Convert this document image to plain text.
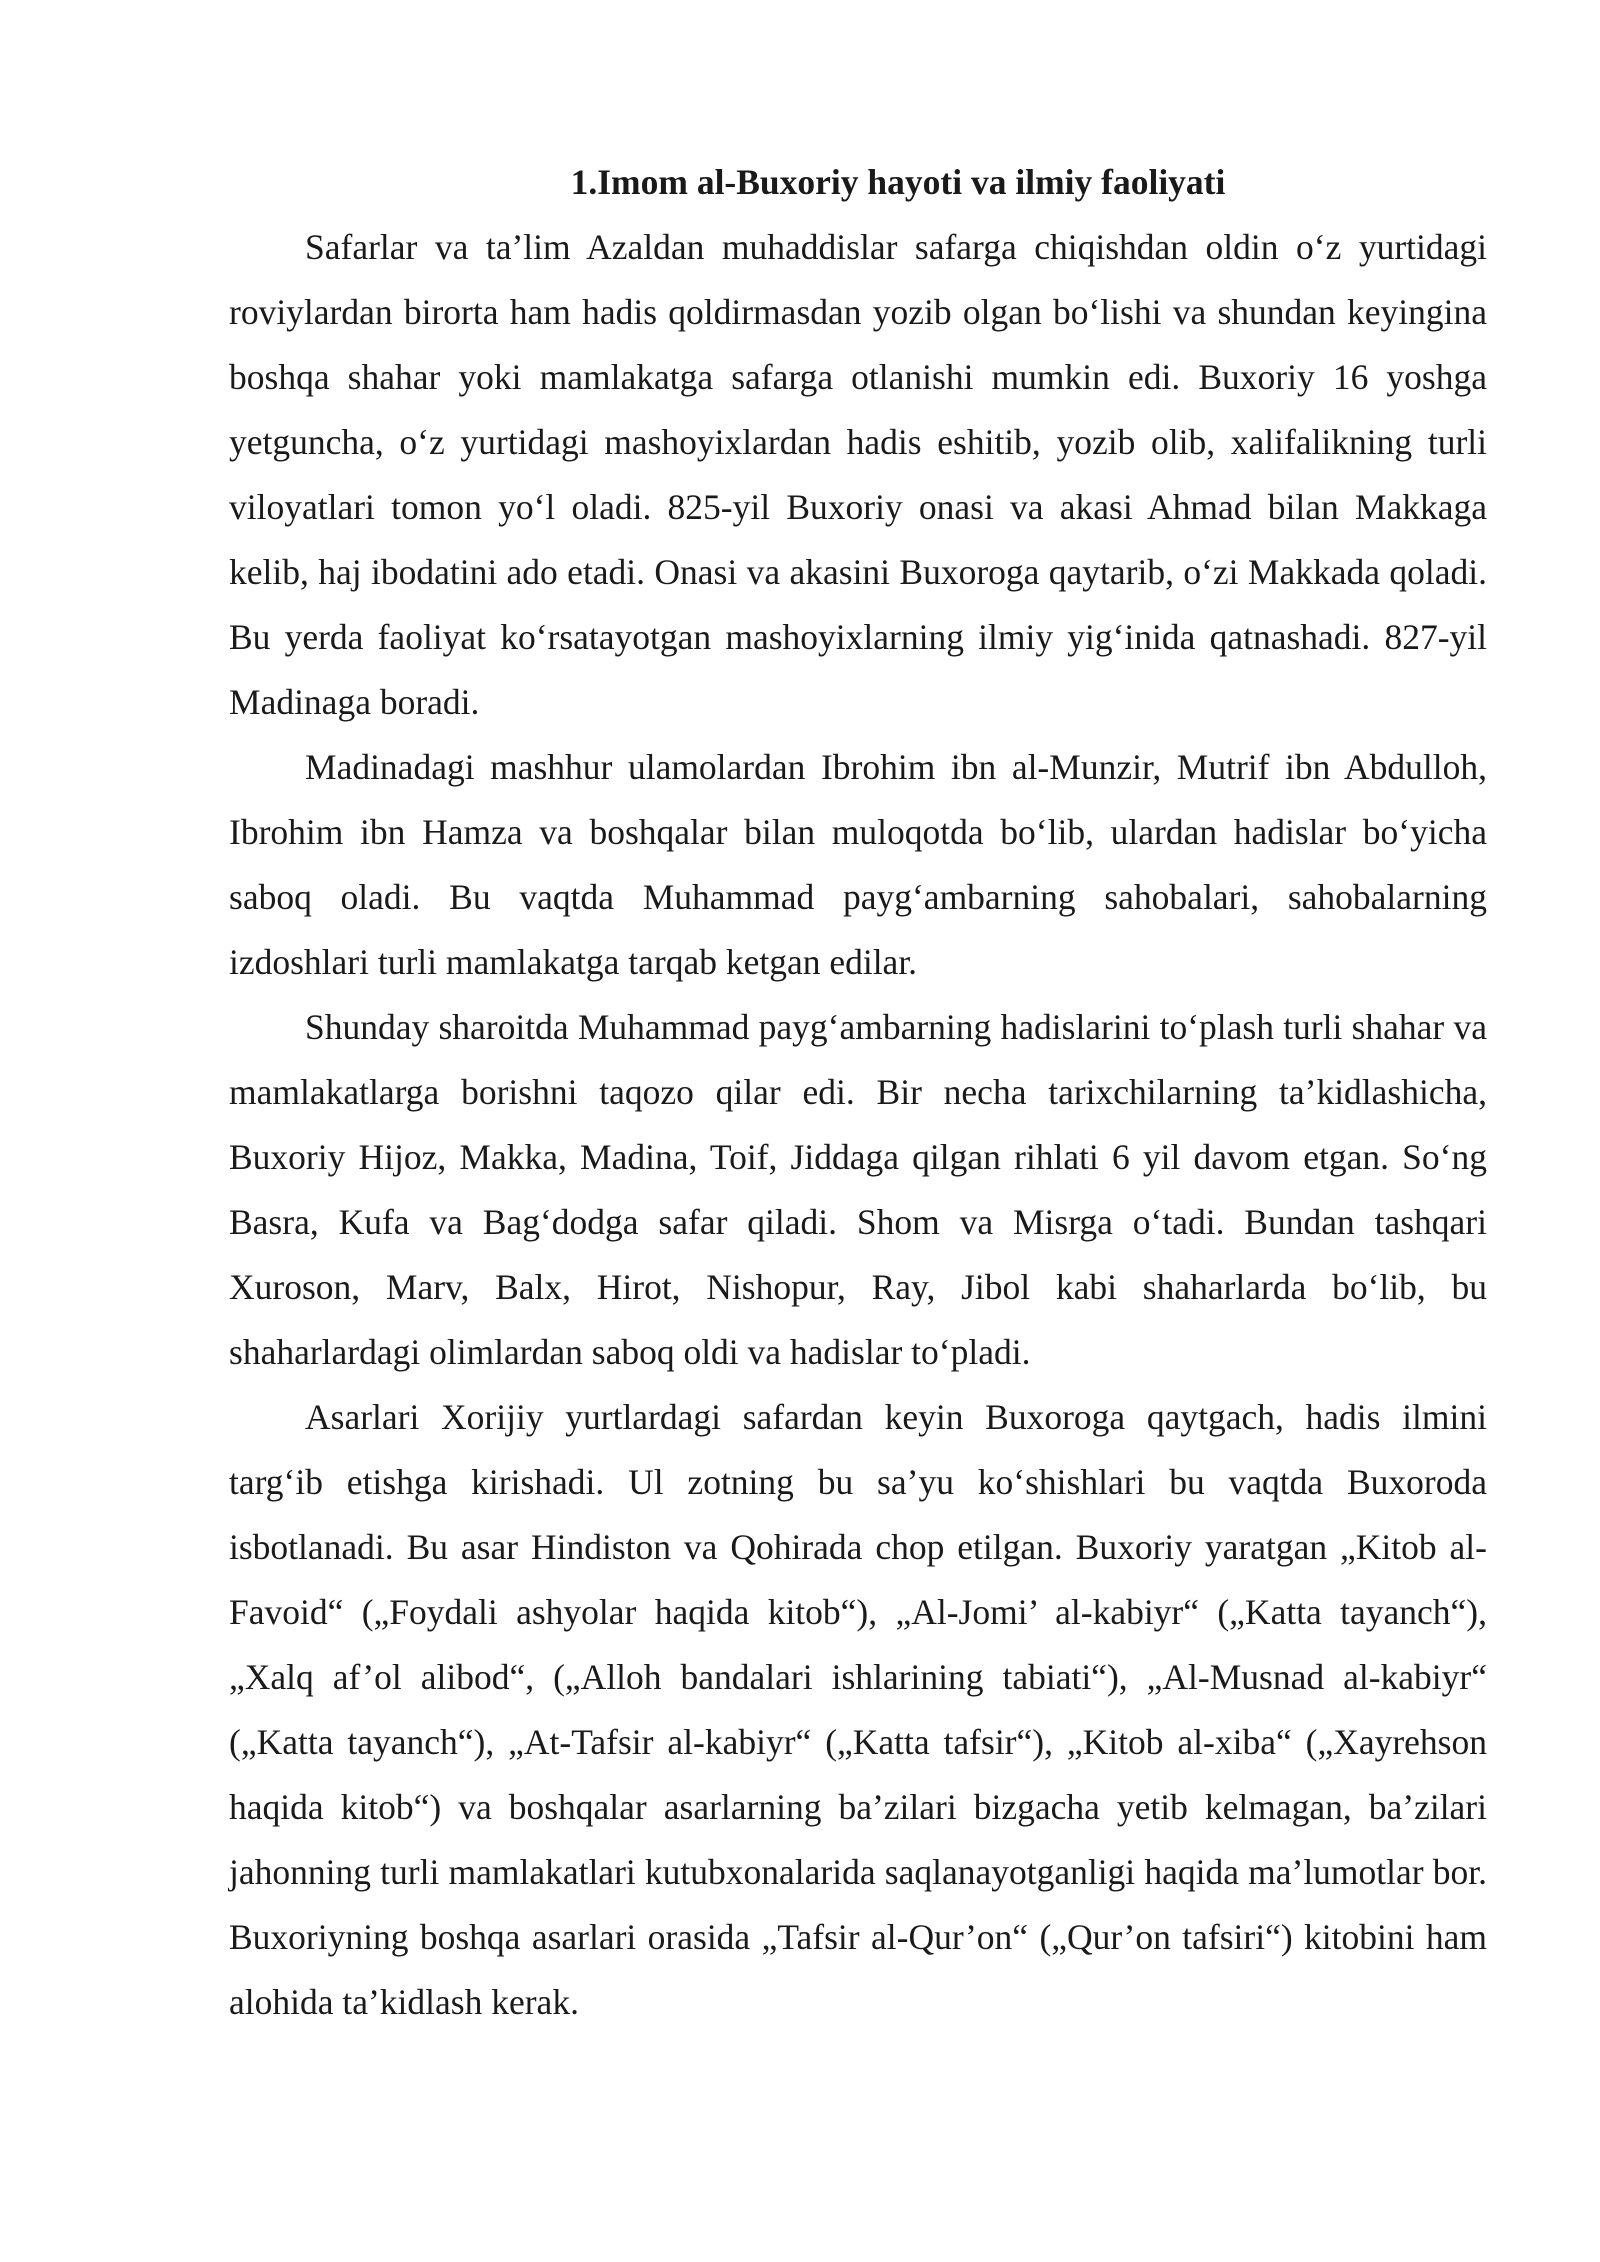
1.Imom al-Buxoriy hayoti va ilmiy faoliyati

Safarlar va ta’lim Azaldan muhaddislar safarga chiqishdan oldin o‘z yurtidagi roviylardan birorta ham hadis qoldirmasdan yozib olgan bo‘lishi va shundan keyingina boshqa shahar yoki mamlakatga safarga otlanishi mumkin edi. Buxoriy 16 yoshga yetguncha, o‘z yurtidagi mashoyixlardan hadis eshitib, yozib olib, xalifalikning turli viloyatlari tomon yo‘l oladi. 825-yil Buxoriy onasi va akasi Ahmad bilan Makkaga kelib, haj ibodatini ado etadi. Onasi va akasini Buxoroga qaytarib, o‘zi Makkada qoladi. Bu yerda faoliyat ko‘rsatayotgan mashoyixlarning ilmiy yig‘inida qatnashadi. 827-yil Madinaga boradi.

Madinadagi mashhur ulamolardan Ibrohim ibn al-Munzir, Mutrif ibn Abdulloh, Ibrohim ibn Hamza va boshqalar bilan muloqotda bo‘lib, ulardan hadislar bo‘yicha saboq oladi. Bu vaqtda Muhammad payg‘ambarning sahobalari, sahobalarning izdoshlari turli mamlakatga tarqab ketgan edilar.

Shunday sharoitda Muhammad payg‘ambarning hadislarini to‘plash turli shahar va mamlakatlarga borishni taqozo qilar edi. Bir necha tarixchilarning ta’kidlashicha, Buxoriy Hijoz, Makka, Madina, Toif, Jiddaga qilgan rihlati 6 yil davom etgan. So‘ng Basra, Kufa va Bag‘dodga safar qiladi. Shom va Misrga o‘tadi. Bundan tashqari Xuroson, Marv, Balx, Hirot, Nishopur, Ray, Jibol kabi shaharlarda bo‘lib, bu shaharlardagi olimlardan saboq oldi va hadislar to‘pladi.

Asarlari Xorijiy yurtlardagi safardan keyin Buxoroga qaytgach, hadis ilmini targ‘ib etishga kirishadi. Ul zotning bu sa’yu ko‘shishlari bu vaqtda Buxoroda isbotlanadi. Bu asar Hindiston va Qohirada chop etilgan. Buxoriy yaratgan „Kitob al-Favoid“ („Foydali ashyolar haqida kitob“), „Al-Jomi’ al-kabiyr“ („Katta tayanch“), „Xalq af’ol alibod“, („Alloh bandalari ishlarining tabiati“), „Al-Musnad al-kabiyr“ („Katta tayanch“), „At-Tafsir al-kabiyr“ („Katta tafsir“), „Kitob al-xiba“ („Xayrehson haqida kitob“) va boshqalar asarlarning ba’zilari bizgacha yetib kelmagan, ba’zilari jahonning turli mamlakatlari kutubxonalarida saqlanayotganligi haqida ma’lumotlar bor. Buxoriyning boshqa asarlari orasida „Tafsir al-Qur’on“ („Qur’on tafsiri“) kitobini ham alohida ta’kidlash kerak.
